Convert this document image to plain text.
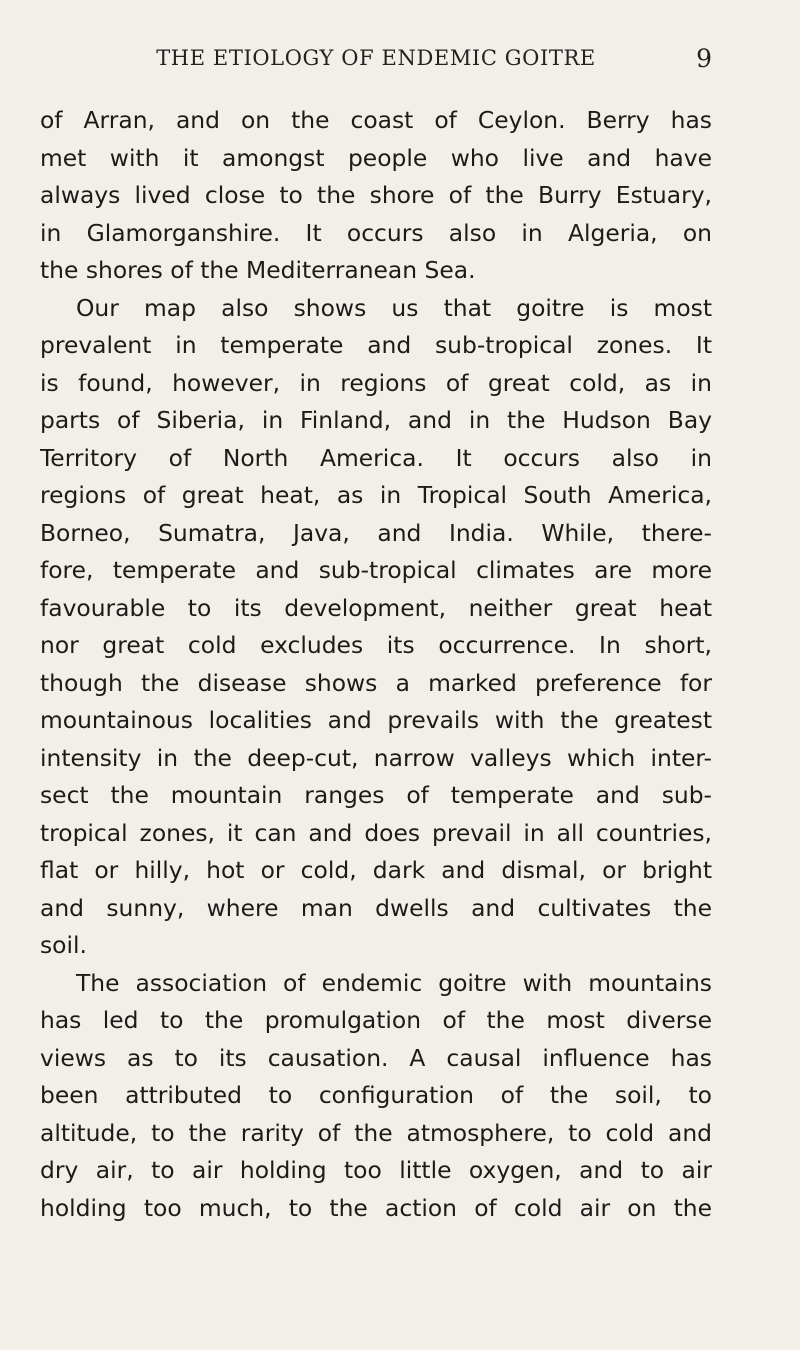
THE ETIOLOGY OF ENDEMIC GOITRE	9
of Arran, and on the coast of Ceylon. Berry has
met with it amongst people who live and have
always lived close to the shore of the Burry Estuary,
in Glamorganshire. It occurs also in Algeria, on
the shores of the Mediterranean Sea.
Our map also shows us that goitre is most
prevalent in temperate and sub-tropical zones. It
is found, however, in regions of great cold, as in
parts of Siberia, in Finland, and in the Hudson Bay
Territory of North America. It occurs also in
regions of great heat, as in Tropical South America,
Borneo, Sumatra, Java, and India. While, there-
fore, temperate and sub-tropical climates are more
favourable to its development, neither great heat
nor great cold excludes its occurrence. In short,
though the disease shows a marked preference for
mountainous localities and prevails with the greatest
intensity in the deep-cut, narrow valleys which inter-
sect the mountain ranges of temperate and sub-
tropical zones, it can and does prevail in all countries,
flat or hilly, hot or cold, dark and dismal, or bright
and sunny, where man dwells and cultivates the
soil.
The association of endemic goitre with mountains
has led to the promulgation of the most diverse
views as to its causation. A causal influence has
been attributed to configuration of the soil, to
altitude, to the rarity of the atmosphere, to cold and
dry air, to air holding too little oxygen, and to air
holding too much, to the action of cold air on the
